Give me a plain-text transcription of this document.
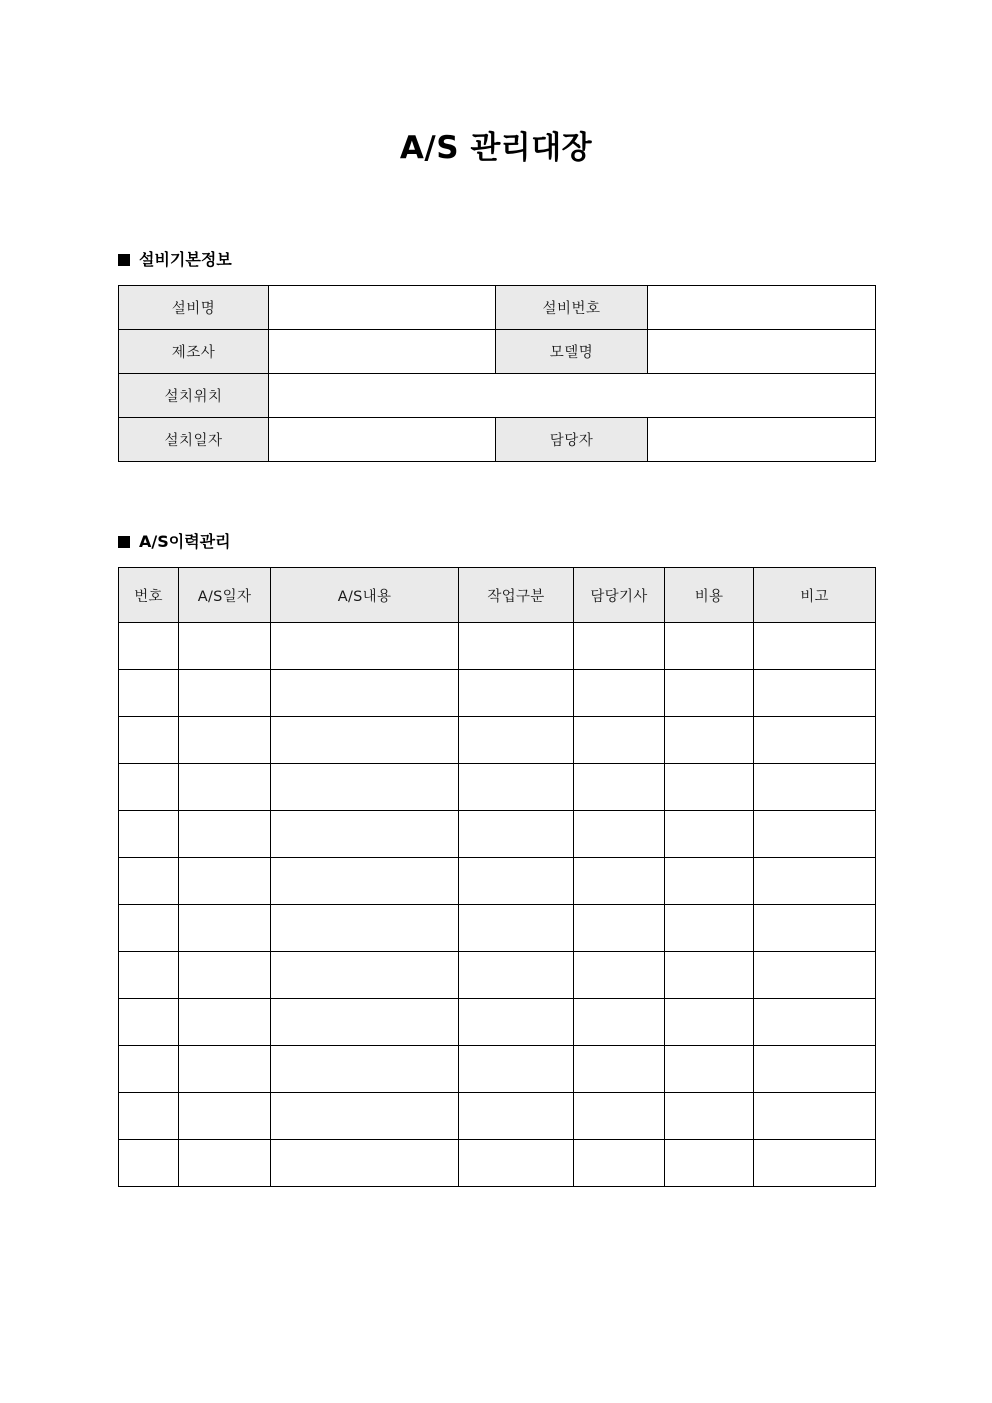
A/S 관리대장
설비기본정보
설비명		설비번호	
제조사		모델명	
설치위치			
설치일자		담당자	
A/S이력관리
번호	A/S일자	A/S내용	작업구분	담당기사	비용	비고
